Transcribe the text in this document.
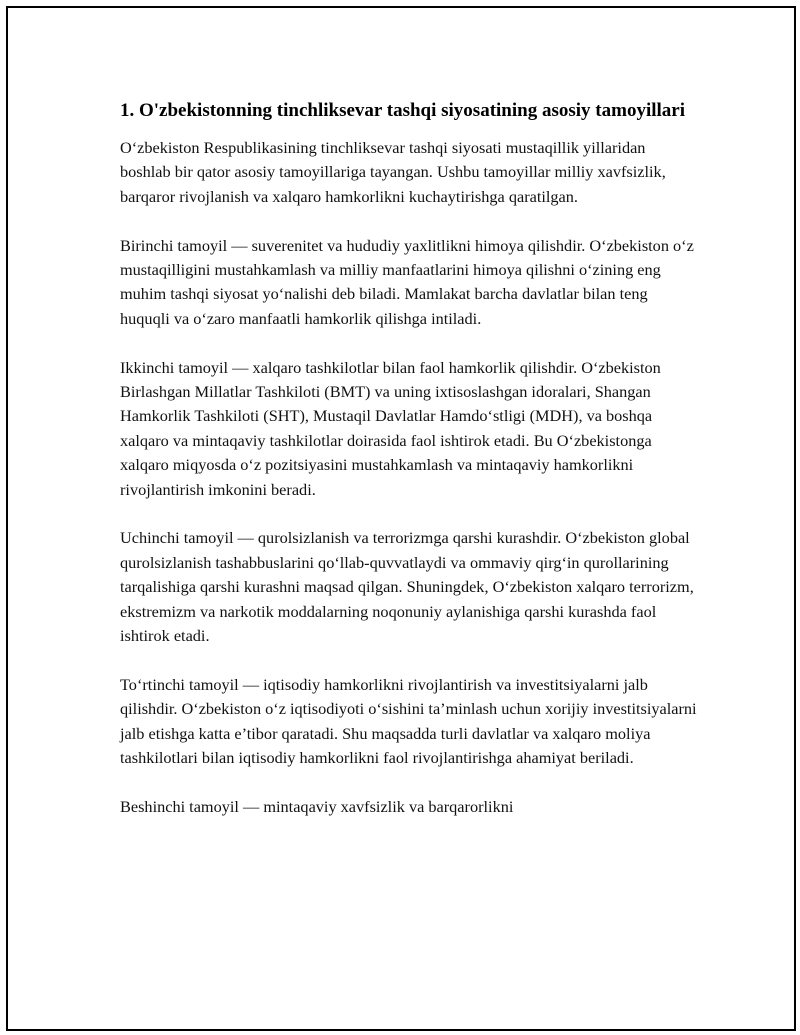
1. O'zbekistonning tinchliksevar tashqi siyosatining asosiy tamoyillari

O‘zbekiston Respublikasining tinchliksevar tashqi siyosati mustaqillik yillaridan boshlab bir qator asosiy tamoyillariga tayangan. Ushbu tamoyillar milliy xavfsizlik, barqaror rivojlanish va xalqaro hamkorlikni kuchaytirishga qaratilgan.

Birinchi tamoyil — suverenitet va hududiy yaxlitlikni himoya qilishdir. O‘zbekiston o‘z mustaqilligini mustahkamlash va milliy manfaatlarini himoya qilishni o‘zining eng muhim tashqi siyosat yo‘nalishi deb biladi. Mamlakat barcha davlatlar bilan teng huquqli va o‘zaro manfaatli hamkorlik qilishga intiladi.

Ikkinchi tamoyil — xalqaro tashkilotlar bilan faol hamkorlik qilishdir. O‘zbekiston Birlashgan Millatlar Tashkiloti (BMT) va uning ixtisoslashgan idoralari, Shangan Hamkorlik Tashkiloti (SHT), Mustaqil Davlatlar Hamdo‘stligi (MDH), va boshqa xalqaro va mintaqaviy tashkilotlar doirasida faol ishtirok etadi. Bu O‘zbekistonga xalqaro miqyosda o‘z pozitsiyasini mustahkamlash va mintaqaviy hamkorlikni rivojlantirish imkonini beradi.

Uchinchi tamoyil — qurolsizlanish va terrorizmga qarshi kurashdir. O‘zbekiston global qurolsizlanish tashabbuslarini qo‘llab-quvvatlaydi va ommaviy qirg‘in qurollarining tarqalishiga qarshi kurashni maqsad qilgan. Shuningdek, O‘zbekiston xalqaro terrorizm, ekstremizm va narkotik moddalarning noqonuniy aylanishiga qarshi kurashda faol ishtirok etadi.

To‘rtinchi tamoyil — iqtisodiy hamkorlikni rivojlantirish va investitsiyalarni jalb qilishdir. O‘zbekiston o‘z iqtisodiyoti o‘sishini ta’minlash uchun xorijiy investitsiyalarni jalb etishga katta e’tibor qaratadi. Shu maqsadda turli davlatlar va xalqaro moliya tashkilotlari bilan iqtisodiy hamkorlikni faol rivojlantirishga ahamiyat beriladi.

Beshinchi tamoyil — mintaqaviy xavfsizlik va barqarorlikni
